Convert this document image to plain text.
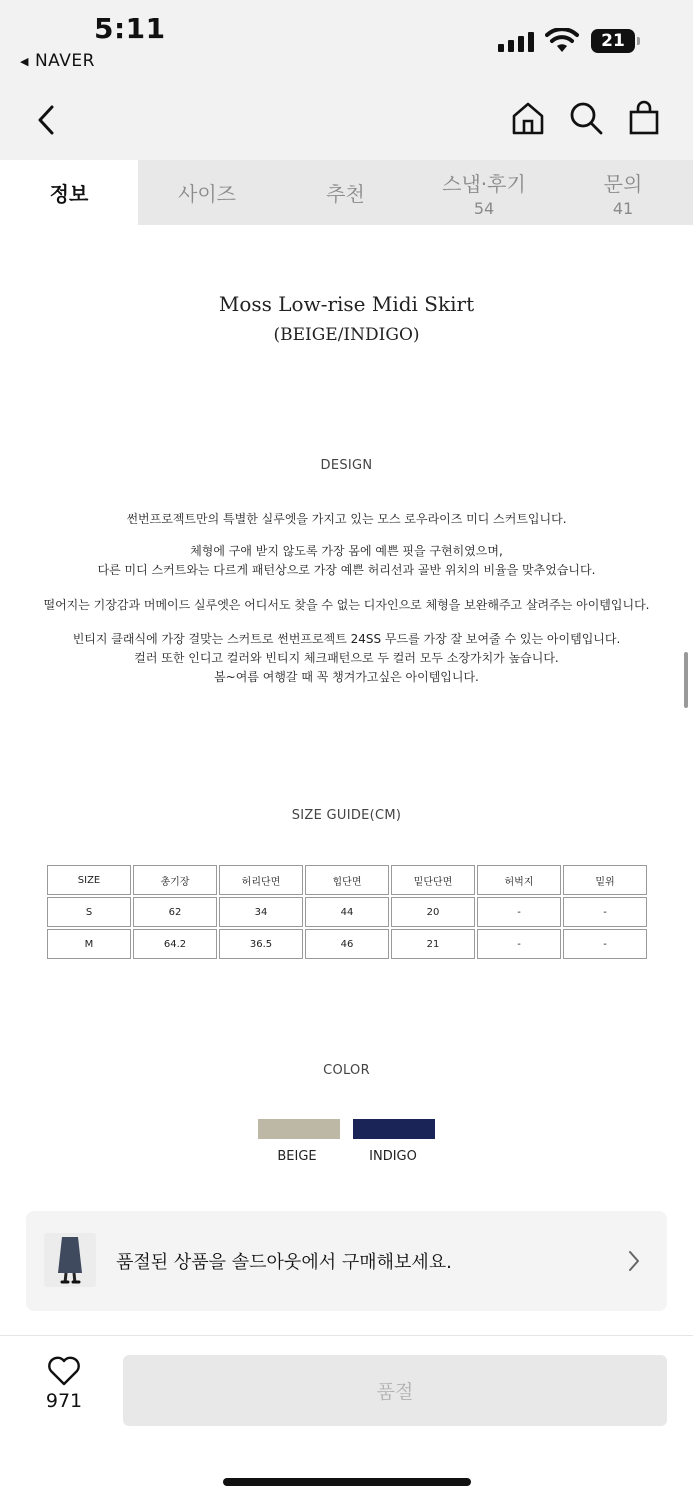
5:11
◀ NAVER
21
정보	사이즈	추천	스냅·후기
54
문의
41
Moss Low-rise Midi Skirt
(BEIGE/INDIGO)
DESIGN
썬번프로젝트만의 특별한 실루엣을 가지고 있는 모스 로우라이즈 미디 스커트입니다.
체형에 구애 받지 않도록 가장 몸에 예쁜 핏을 구현히였으며,
다른 미디 스커트와는 다르게 패턴상으로 가장 예쁜 허리선과 골반 위치의 비율을 맞추었습니다.
떨어지는 기장감과 머메이드 실루엣은 어디서도 찾을 수 없는 디자인으로 체형을 보완해주고 살려주는 아이템입니다.
빈티지 클래식에 가장 걸맞는 스커트로 썬번프로젝트 24SS 무드를 가장 잘 보여줄 수 있는 아이템입니다.
컬러 또한 인디고 컬러와 빈티지 체크패턴으로 두 컬러 모두 소장가치가 높습니다.
봄~여름 여행갈 때 꼭 챙겨가고싶은 아이템입니다.
SIZE GUIDE(CM)
SIZE	총기장	허리단면	힙단면	밑단단면	허벅지	밑위
S	62	34	44	20	-	-
M	64.2	36.5	46	21	-	-
COLOR
BEIGE	INDIGO
품절된 상품을 솔드아웃에서 구매해보세요.
971	품절
